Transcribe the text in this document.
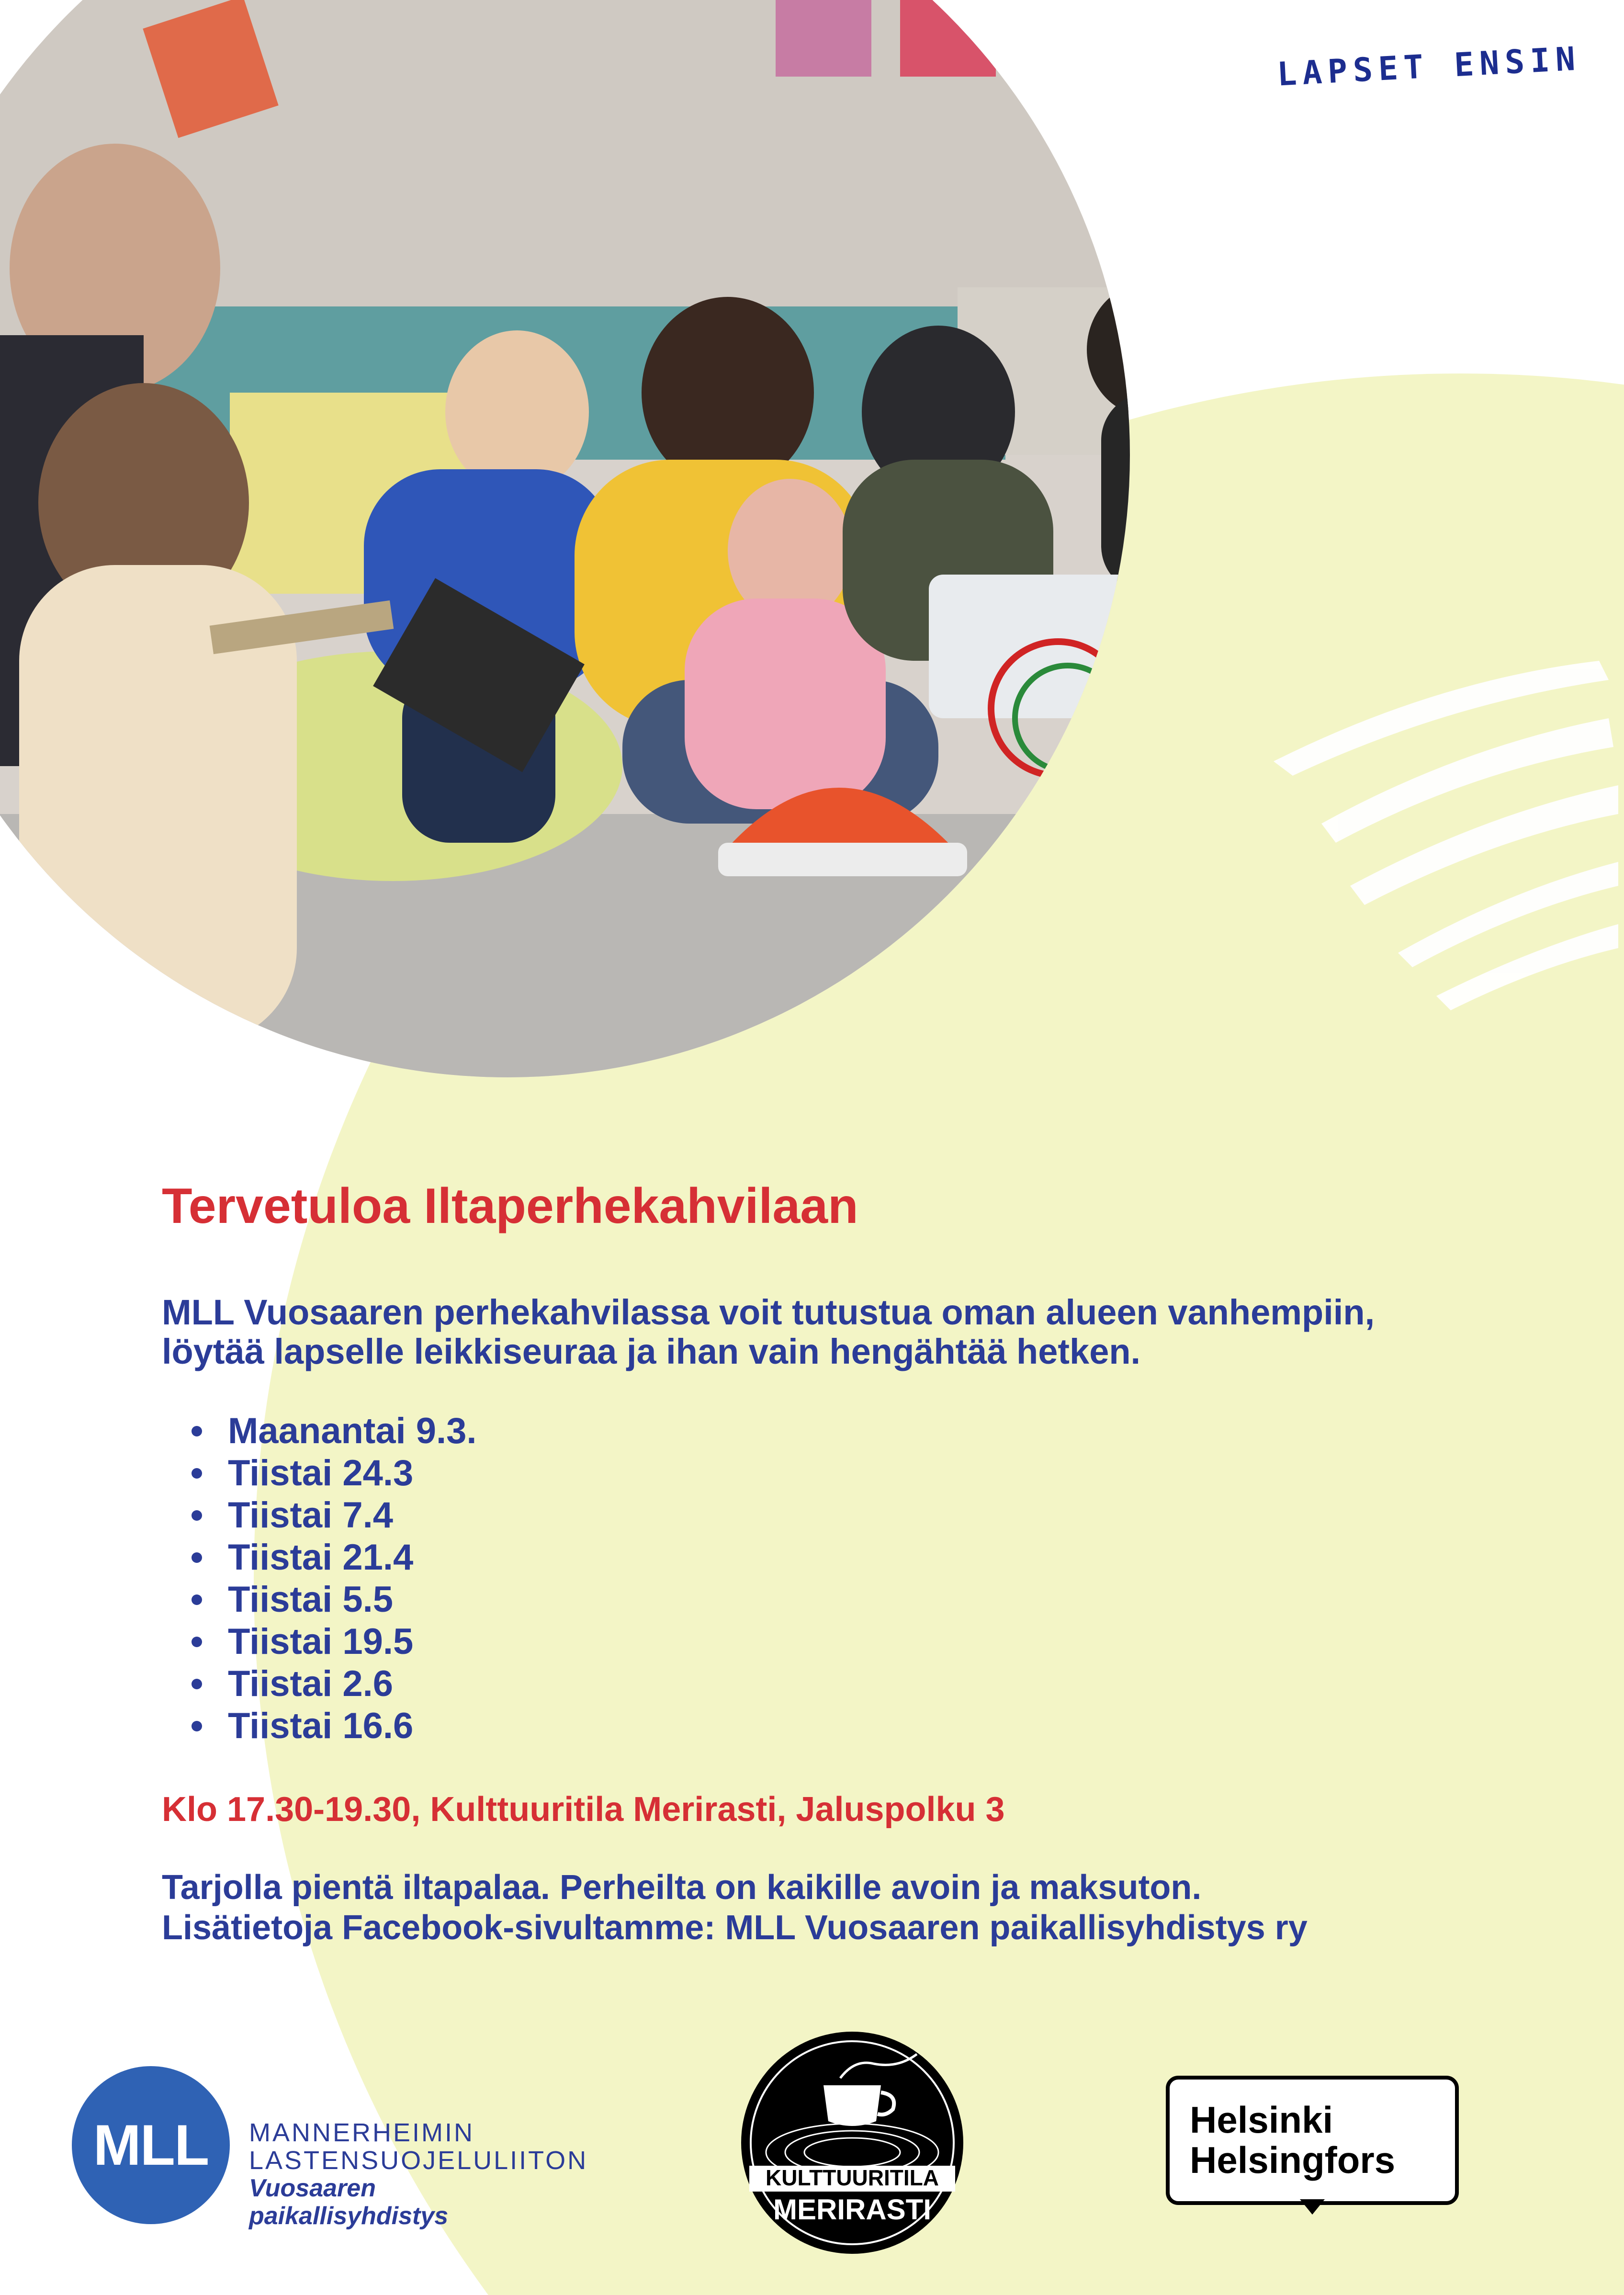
LAPSET ENSIN
Tervetuloa Iltaperhekahvilaan
MLL Vuosaaren perhekahvilassa voit tutustua oman alueen vanhempiin,
löytää lapselle leikkiseuraa ja ihan vain hengähtää hetken.
Maanantai 9.3.
Tiistai 24.3
Tiistai 7.4
Tiistai 21.4
Tiistai 5.5
Tiistai 19.5
Tiistai 2.6
Tiistai 16.6
Klo 17.30-19.30, Kulttuuritila Merirasti, Jaluspolku 3
Tarjolla pientä iltapalaa. Perheilta on kaikille avoin ja maksuton.
Lisätietoja Facebook-sivultamme: MLL Vuosaaren paikallisyhdistys ry
MLL	MANNERHEIMIN
LASTENSUOJELULIITON
Vuosaaren
paikallisyhdistys
KULTTUURITILA
MERIRASTI
Helsinki
Helsingfors
